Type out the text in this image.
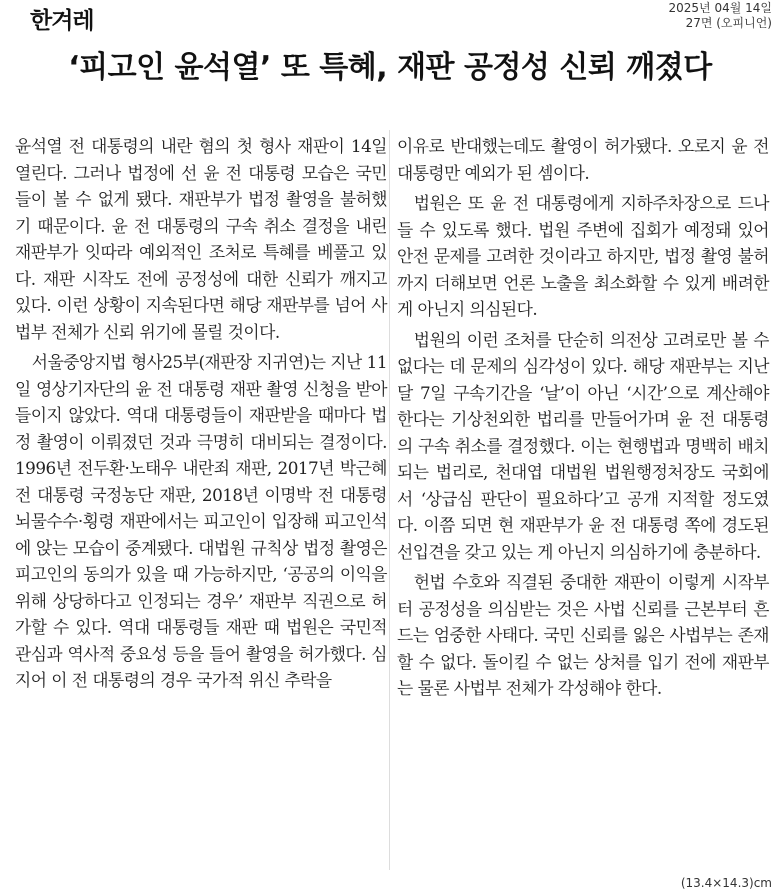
한겨레	2025년 04월 14일
27면 (오피니언)
‘피고인 윤석열’ 또 특혜, 재판 공정성 신뢰 깨졌다

윤석열 전 대통령의 내란 혐의 첫 형사 재판이 14일 열린다. 그러나 법정에 선 윤 전 대통령 모습은 국민들이 볼 수 없게 됐다. 재판부가 법정 촬영을 불허했기 때문이다. 윤 전 대통령의 구속 취소 결정을 내린 재판부가 잇따라 예외적인 조처로 특혜를 베풀고 있다. 재판 시작도 전에 공정성에 대한 신뢰가 깨지고 있다. 이런 상황이 지속된다면 해당 재판부를 넘어 사법부 전체가 신뢰 위기에 몰릴 것이다.

서울중앙지법 형사25부(재판장 지귀연)는 지난 11일 영상기자단의 윤 전 대통령 재판 촬영 신청을 받아들이지 않았다. 역대 대통령들이 재판받을 때마다 법정 촬영이 이뤄졌던 것과 극명히 대비되는 결정이다. 1996년 전두환·노태우 내란죄 재판, 2017년 박근혜 전 대통령 국정농단 재판, 2018년 이명박 전 대통령 뇌물수수·횡령 재판에서는 피고인이 입장해 피고인석에 앉는 모습이 중계됐다. 대법원 규칙상 법정 촬영은 피고인의 동의가 있을 때 가능하지만, ‘공공의 이익을 위해 상당하다고 인정되는 경우’ 재판부 직권으로 허가할 수 있다. 역대 대통령들 재판 때 법원은 국민적 관심과 역사적 중요성 등을 들어 촬영을 허가했다. 심지어 이 전 대통령의 경우 국가적 위신 추락을

이유로 반대했는데도 촬영이 허가됐다. 오로지 윤 전 대통령만 예외가 된 셈이다.

법원은 또 윤 전 대통령에게 지하주차장으로 드나들 수 있도록 했다. 법원 주변에 집회가 예정돼 있어 안전 문제를 고려한 것이라고 하지만, 법정 촬영 불허까지 더해보면 언론 노출을 최소화할 수 있게 배려한 게 아닌지 의심된다.

법원의 이런 조처를 단순히 의전상 고려로만 볼 수 없다는 데 문제의 심각성이 있다. 해당 재판부는 지난달 7일 구속기간을 ‘날’이 아닌 ‘시간’으로 계산해야 한다는 기상천외한 법리를 만들어가며 윤 전 대통령의 구속 취소를 결정했다. 이는 현행법과 명백히 배치되는 법리로, 천대엽 대법원 법원행정처장도 국회에서 ‘상급심 판단이 필요하다’고 공개 지적할 정도였다. 이쯤 되면 현 재판부가 윤 전 대통령 쪽에 경도된 선입견을 갖고 있는 게 아닌지 의심하기에 충분하다.

헌법 수호와 직결된 중대한 재판이 이렇게 시작부터 공정성을 의심받는 것은 사법 신뢰를 근본부터 흔드는 엄중한 사태다. 국민 신뢰를 잃은 사법부는 존재할 수 없다. 돌이킬 수 없는 상처를 입기 전에 재판부는 물론 사법부 전체가 각성해야 한다.

(13.4×14.3)cm
